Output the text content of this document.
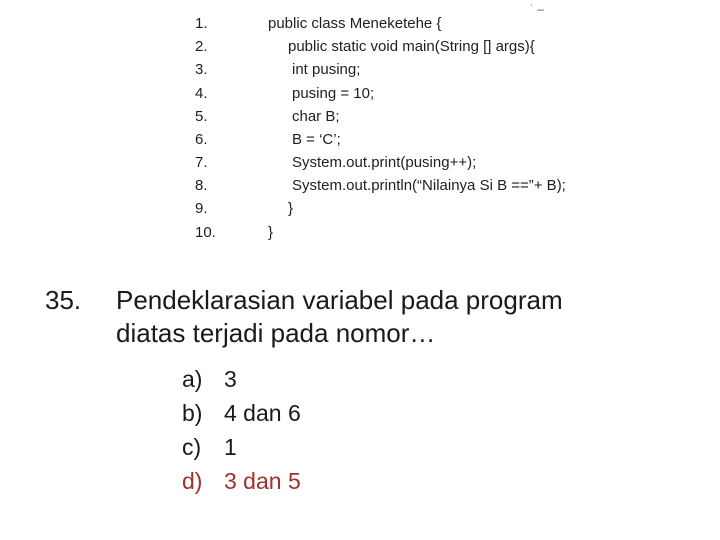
˙ ‒
1.	public class Meneketehe {
2.	public static void main(String [] args){
3.	int pusing;
4.	pusing = 10;
5.	char B;
6.	B = ‘C’;
7.	System.out.print(pusing++);
8.	System.out.println(“Nilainya Si B ==”+ B);
9.	}
10.	}
35. Pendeklarasian variabel pada program
diatas terjadi pada nomor…
a) 3
b) 4 dan 6
c) 1
d) 3 dan 5
